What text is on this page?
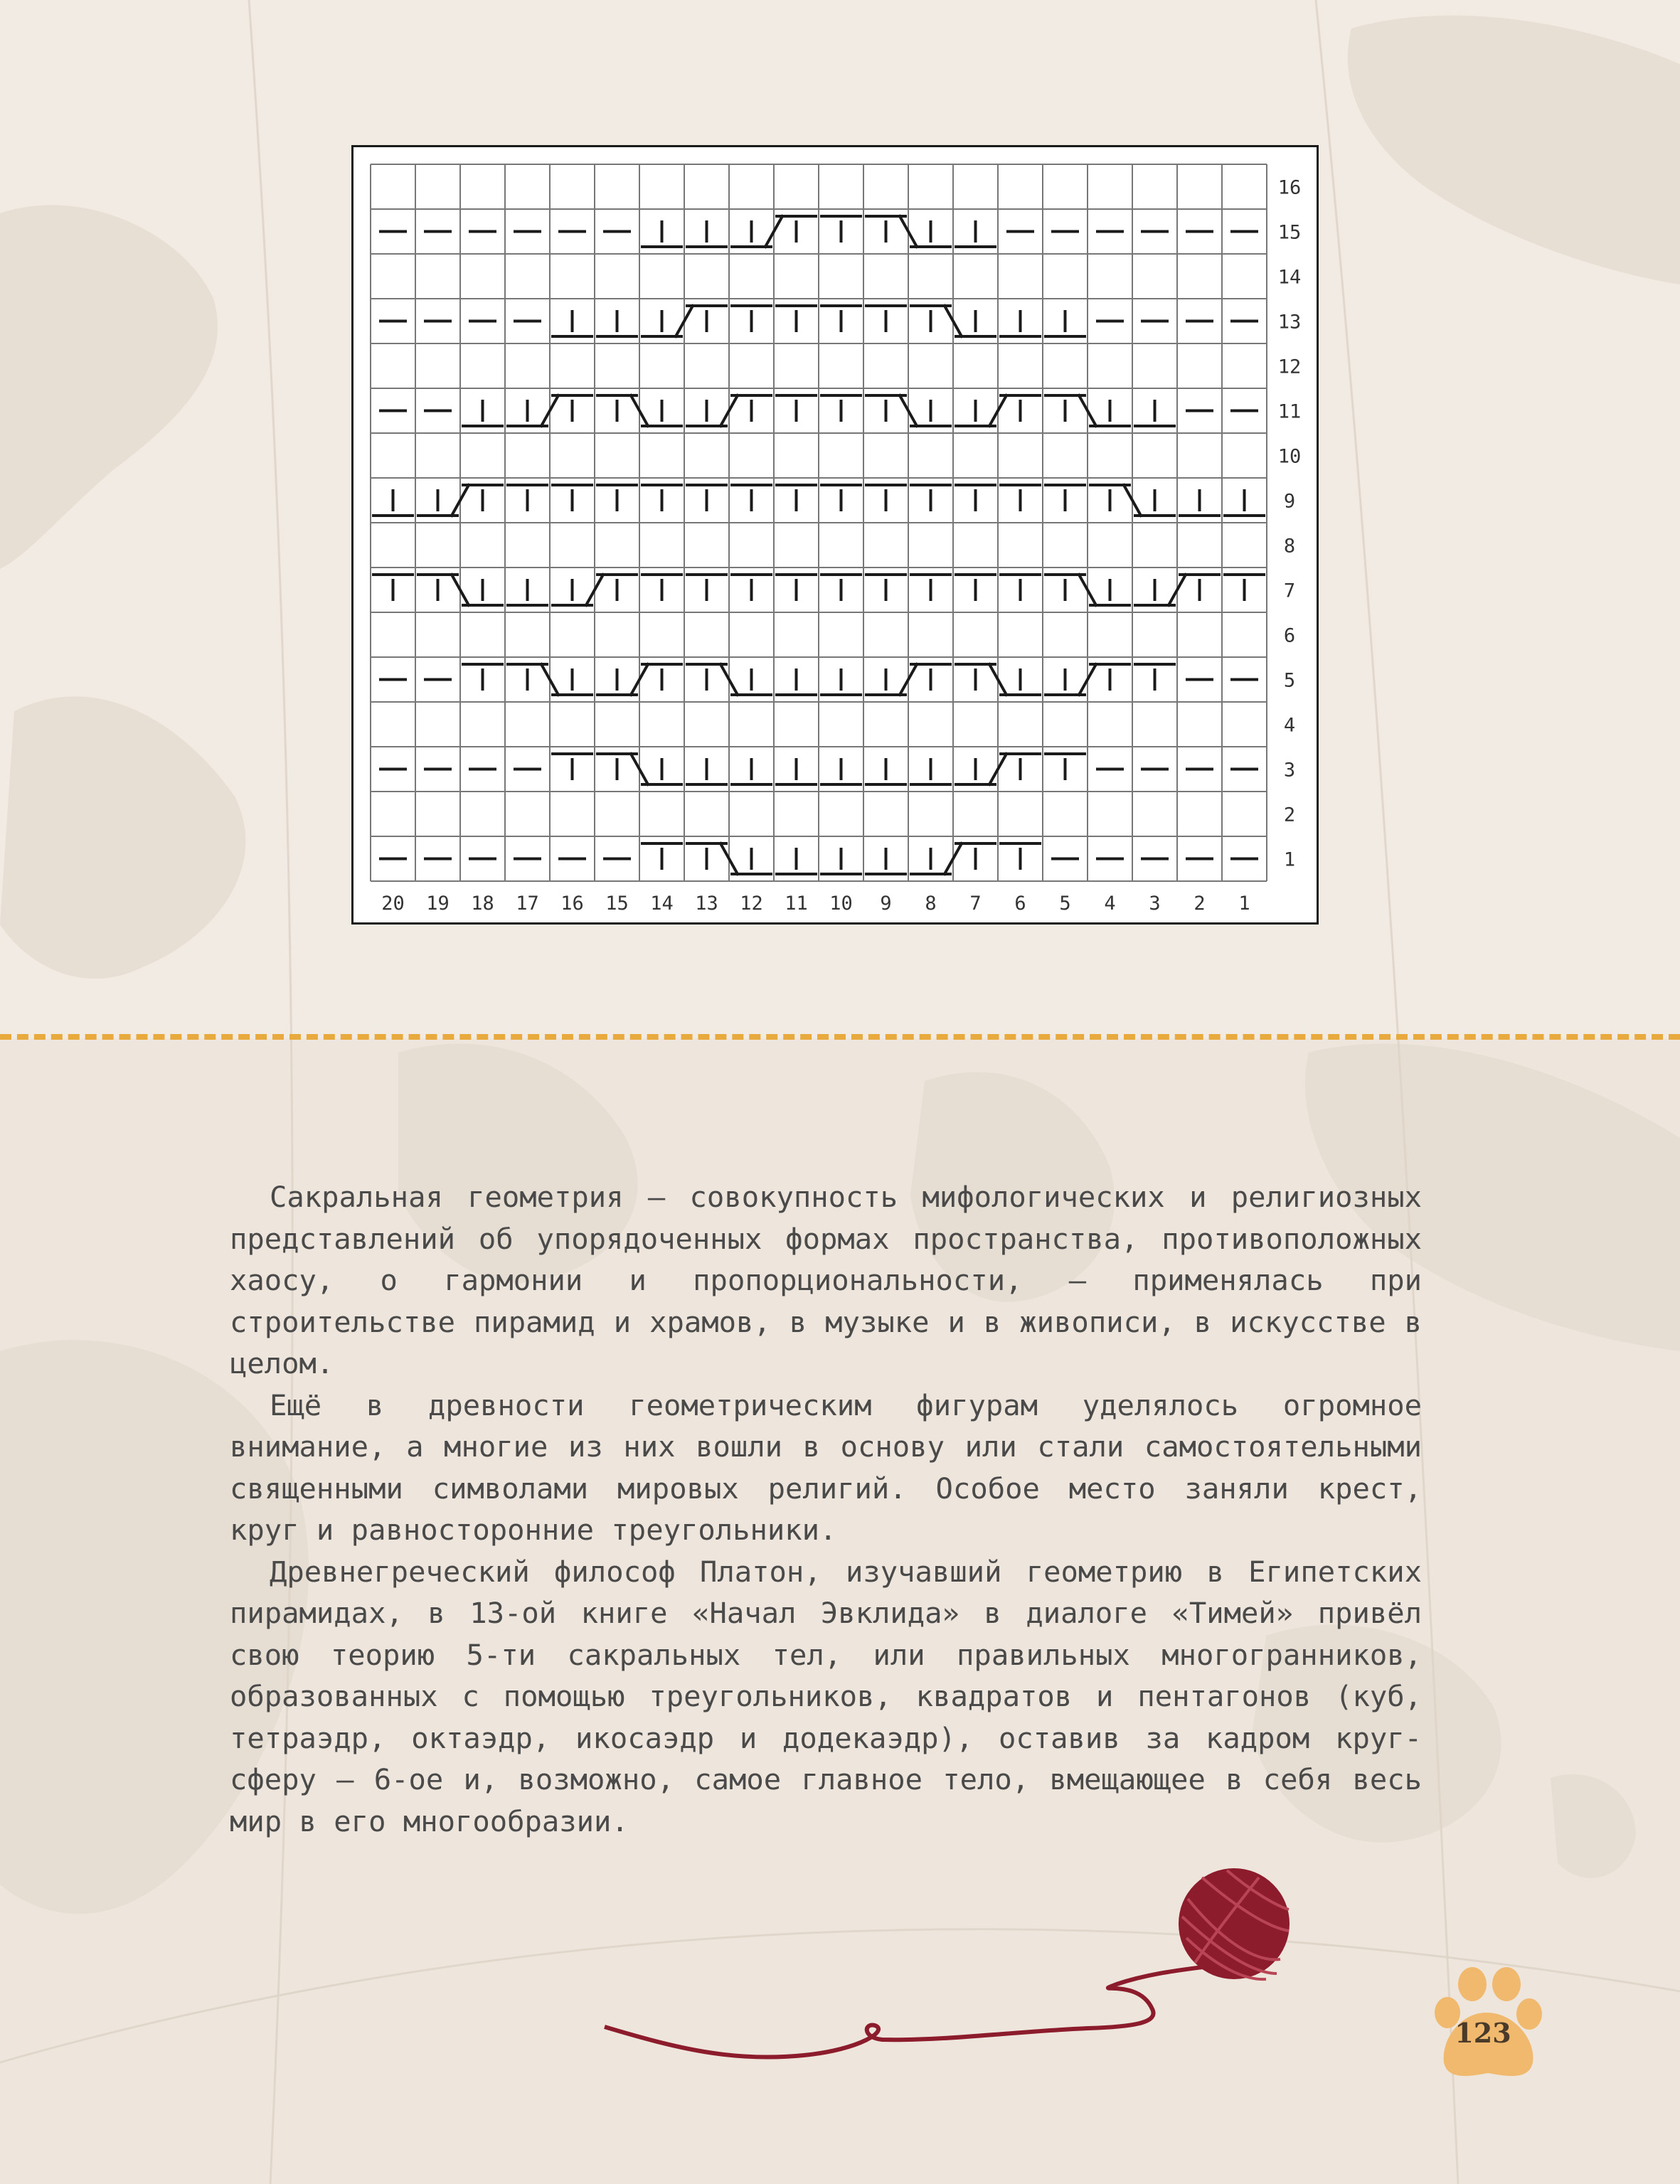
20 19 18 17 16 15 14 13 12 11 10 9 8 7 6 5 4 3 2 1
1
2
3
4
5
6
7
8
9
10
11
12
13
14
15
16

Сакральная геометрия – совокупность мифологических и религиозных представлений об упорядоченных формах пространства, противоположных хаосу, о гармонии и пропорциональности, – применялась при строительстве пирамид и храмов, в музыке и в живописи, в искусстве в целом.

Ещё в древности геометрическим фигурам уделялось огромное внимание, а многие из них вошли в основу или стали самостоятельными священными символами мировых религий. Особое место заняли крест, круг и равносторонние треугольники.

Древнегреческий философ Платон, изучавший геометрию в Египетских пирамидах, в 13-ой книге «Начал Эвклида» в диалоге «Тимей» привёл свою теорию 5-ти сакральных тел, или правильных многогранников, образованных с помощью треугольников, квадратов и пентагонов (куб, тетраэдр, октаэдр, икосаэдр и додекаэдр), оставив за кадром круг-сферу – 6-ое и, возможно, самое главное тело, вмещающее в себя весь мир в его многообразии.

123
